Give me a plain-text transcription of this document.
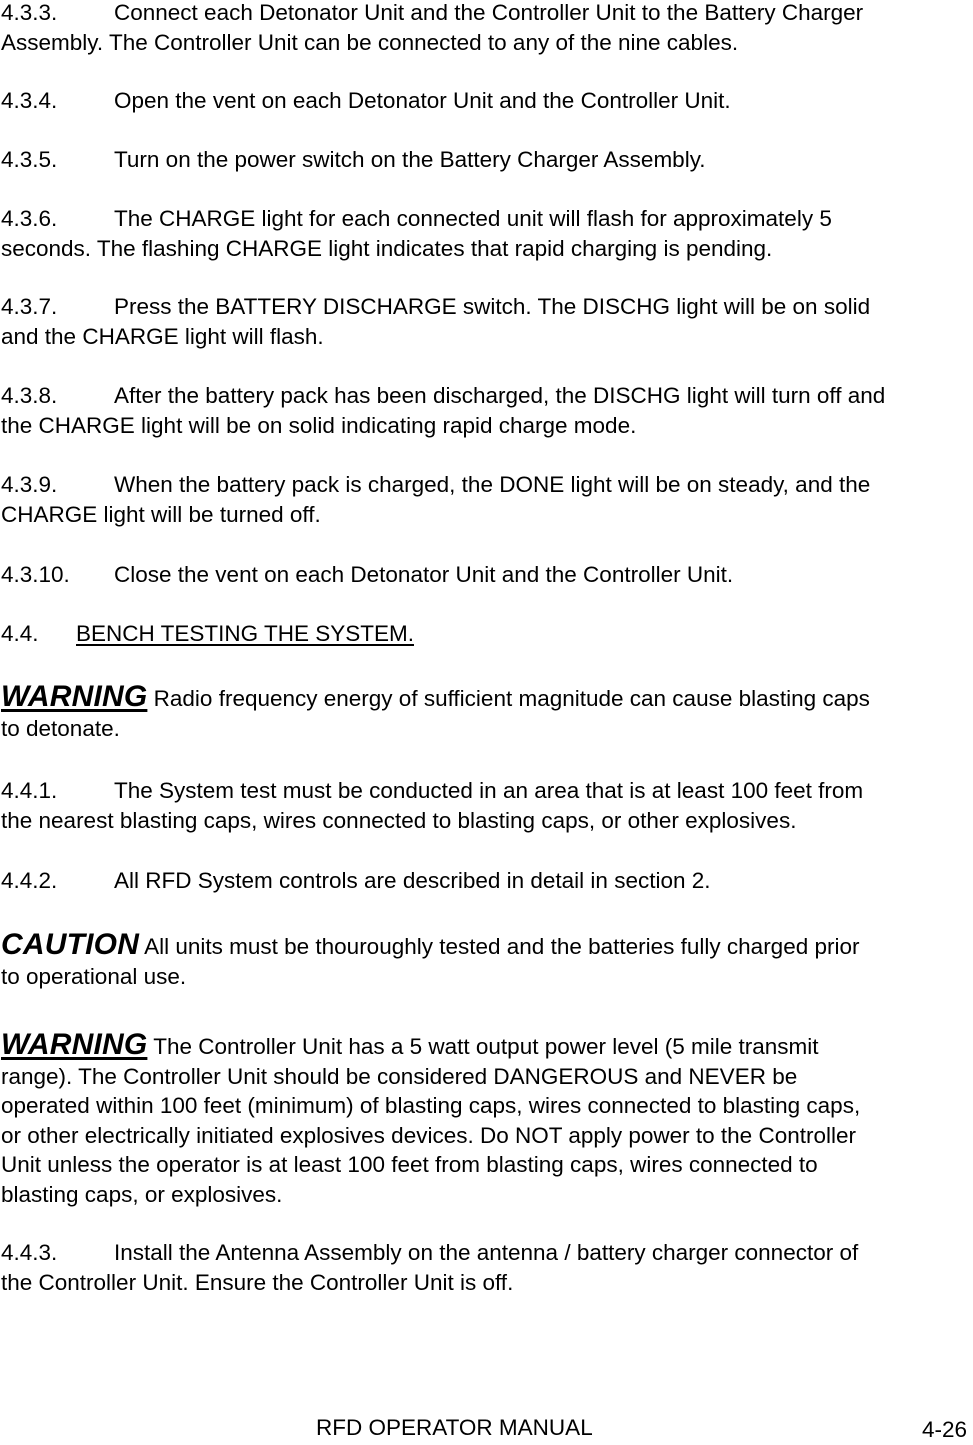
4.3.3.	Connect each Detonator Unit and the Controller Unit to the Battery Charger
Assembly. The Controller Unit can be connected to any of the nine cables.

4.3.4.	Open the vent on each Detonator Unit and the Controller Unit.

4.3.5.	Turn on the power switch on the Battery Charger Assembly.

4.3.6.	The CHARGE light for each connected unit will flash for approximately 5
seconds. The flashing CHARGE light indicates that rapid charging is pending.

4.3.7.	Press the BATTERY DISCHARGE switch. The DISCHG light will be on solid
and the CHARGE light will flash.

4.3.8.	After the battery pack has been discharged, the DISCHG light will turn off and
the CHARGE light will be on solid indicating rapid charge mode.

4.3.9.	When the battery pack is charged, the DONE light will be on steady, and the
CHARGE light will be turned off.

4.3.10. Close the vent on each Detonator Unit and the Controller Unit.

4.4. BENCH TESTING THE SYSTEM.

WARNING Radio frequency energy of sufficient magnitude can cause blasting caps
to detonate.

4.4.1.	The System test must be conducted in an area that is at least 100 feet from
the nearest blasting caps, wires connected to blasting caps, or other explosives.

4.4.2.	All RFD System controls are described in detail in section 2.

CAUTION All units must be thouroughly tested and the batteries fully charged prior
to operational use.

WARNING The Controller Unit has a 5 watt output power level (5 mile transmit
range). The Controller Unit should be considered DANGEROUS and NEVER be
operated within 100 feet (minimum) of blasting caps, wires connected to blasting caps,
or other electrically initiated explosives devices. Do NOT apply power to the Controller
Unit unless the operator is at least 100 feet from blasting caps, wires connected to
blasting caps, or explosives.

4.4.3.	Install the Antenna Assembly on the antenna / battery charger connector of
the Controller Unit. Ensure the Controller Unit is off.

RFD OPERATOR MANUAL	4-26
